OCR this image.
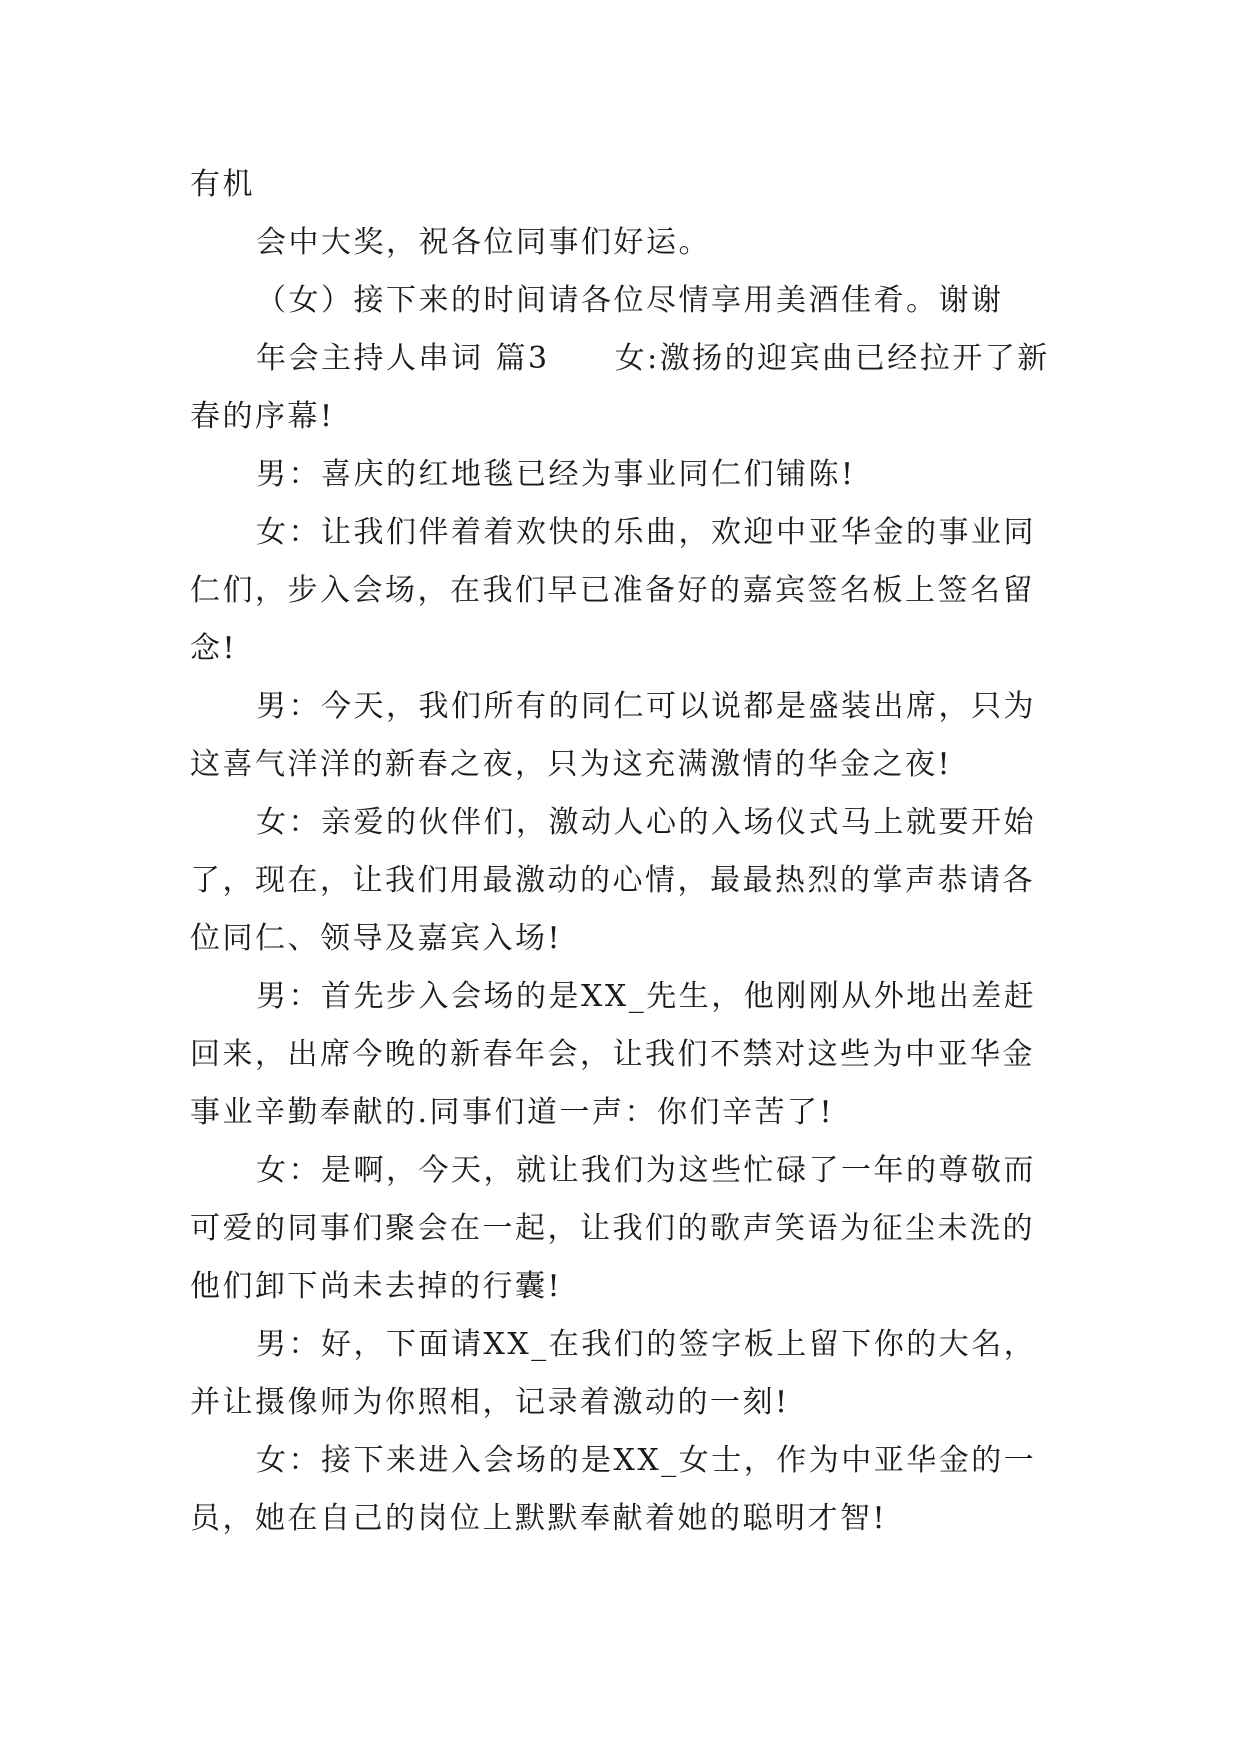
有机

会中大奖，祝各位同事们好运。

（女）接下来的时间请各位尽情享用美酒佳肴。谢谢

年会主持人串词 篇3　　女:激扬的迎宾曲已经拉开了新春的序幕!

男：喜庆的红地毯已经为事业同仁们铺陈!

女：让我们伴着着欢快的乐曲，欢迎中亚华金的事业同仁们，步入会场，在我们早已准备好的嘉宾签名板上签名留念!

男：今天，我们所有的同仁可以说都是盛装出席，只为这喜气洋洋的新春之夜，只为这充满激情的华金之夜!

女：亲爱的伙伴们，激动人心的入场仪式马上就要开始了，现在，让我们用最激动的心情，最最热烈的掌声恭请各位同仁、领导及嘉宾入场!

男：首先步入会场的是XX_先生，他刚刚从外地出差赶回来，出席今晚的新春年会，让我们不禁对这些为中亚华金事业辛勤奉献的.同事们道一声：你们辛苦了!

女：是啊，今天，就让我们为这些忙碌了一年的尊敬而可爱的同事们聚会在一起，让我们的歌声笑语为征尘未洗的他们卸下尚未去掉的行囊!

男：好，下面请XX_在我们的签字板上留下你的大名，并让摄像师为你照相，记录着激动的一刻!

女：接下来进入会场的是XX_女士，作为中亚华金的一员，她在自己的岗位上默默奉献着她的聪明才智!
